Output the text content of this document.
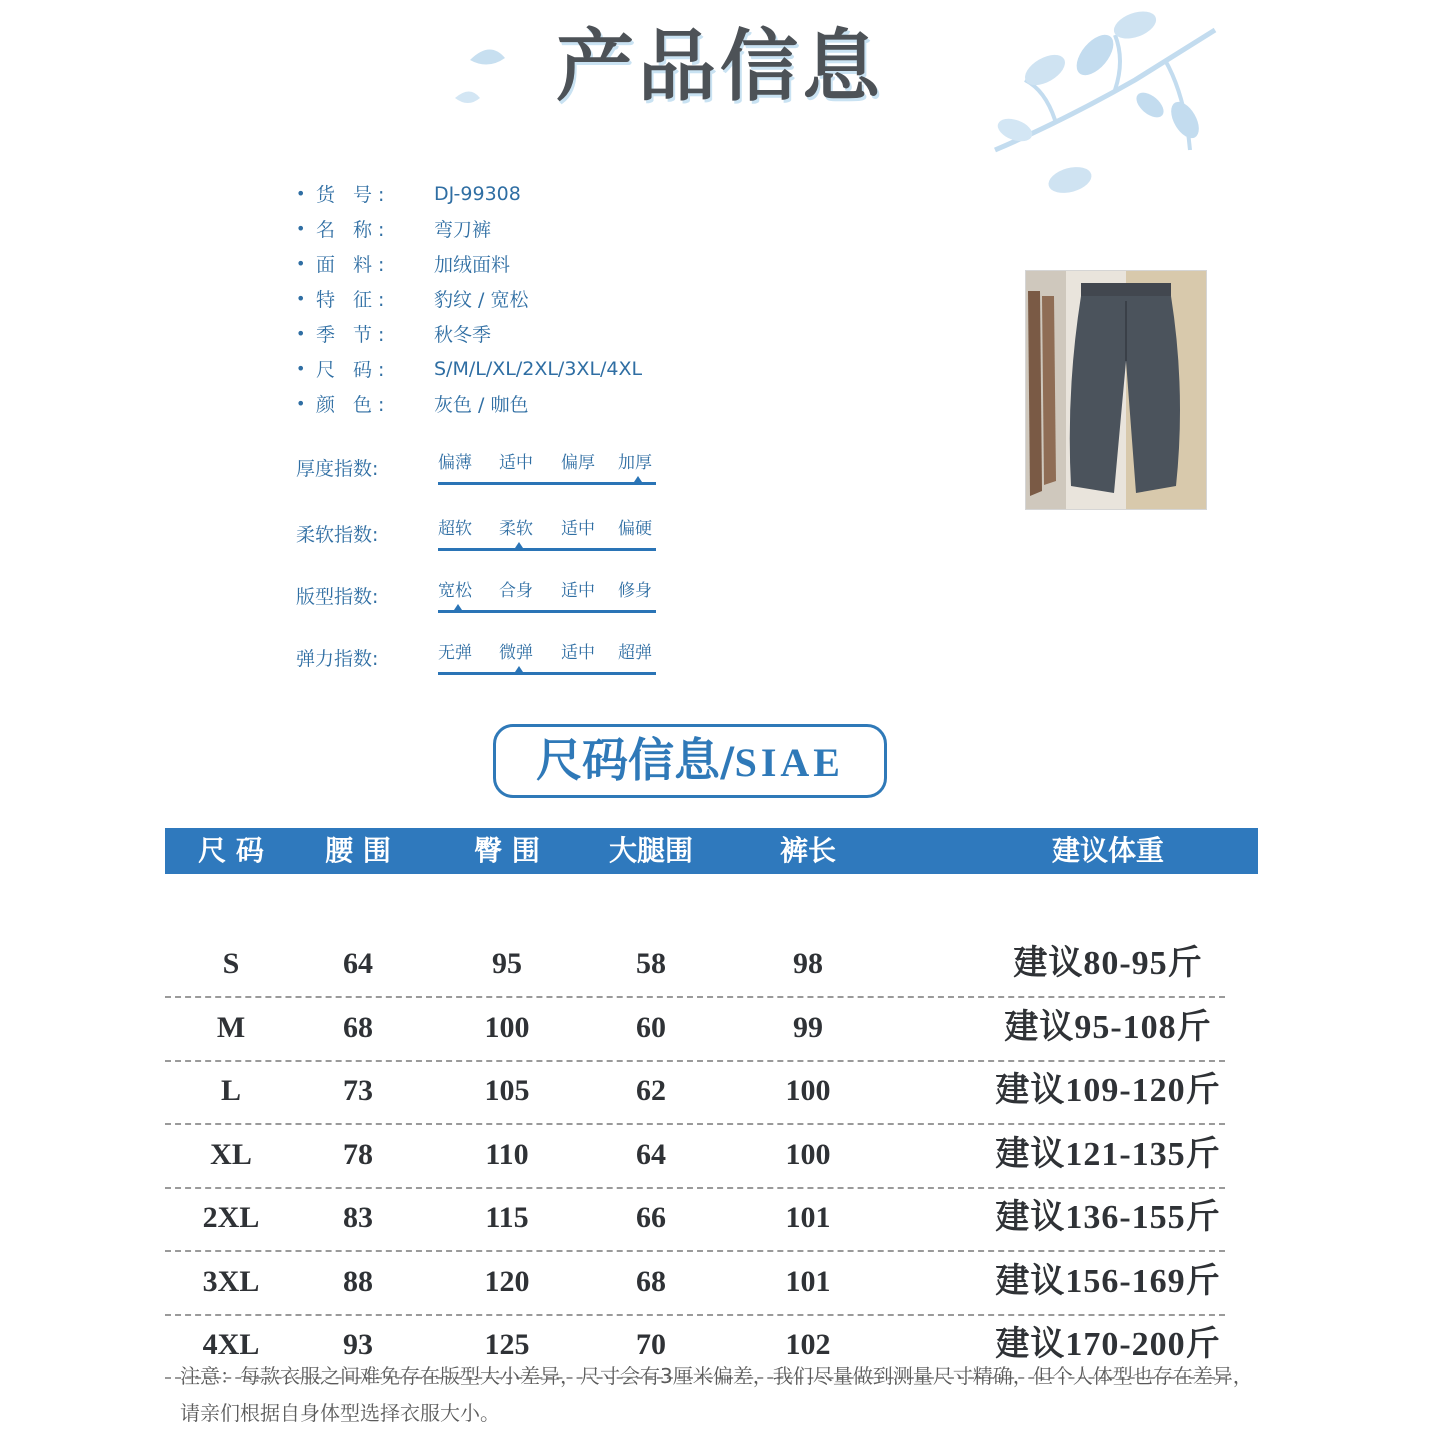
产品信息
• 货 号:	DJ-99308
• 名 称:	弯刀裤
• 面 料:	加绒面料
• 特 征:	豹纹 / 宽松
• 季 节:	秋冬季
• 尺 码:	S/M/L/XL/2XL/3XL/4XL
• 颜 色:	灰色 / 咖色
厚度指数:	偏薄 适中 偏厚 加厚
柔软指数:	超软 柔软 适中 偏硬
版型指数:	宽松 合身 适中 修身
弹力指数:	无弹 微弹 适中 超弹
尺码信息/SIAE
尺 码	腰 围	臀 围	大腿围	裤长	建议体重
S	64	95	58	98	建议80-95斤
M	68	100	60	99	建议95-108斤
L	73	105	62	100	建议109-120斤
XL	78	110	64	100	建议121-135斤
2XL	83	115	66	101	建议136-155斤
3XL	88	120	68	101	建议156-169斤
4XL	93	125	70	102	建议170-200斤
注意：每款衣服之间难免存在版型大小差异，尺寸会有3厘米偏差，我们尽量做到测量尺寸精确，但个人体型也存在差异，请亲们根据自身体型选择衣服大小。
